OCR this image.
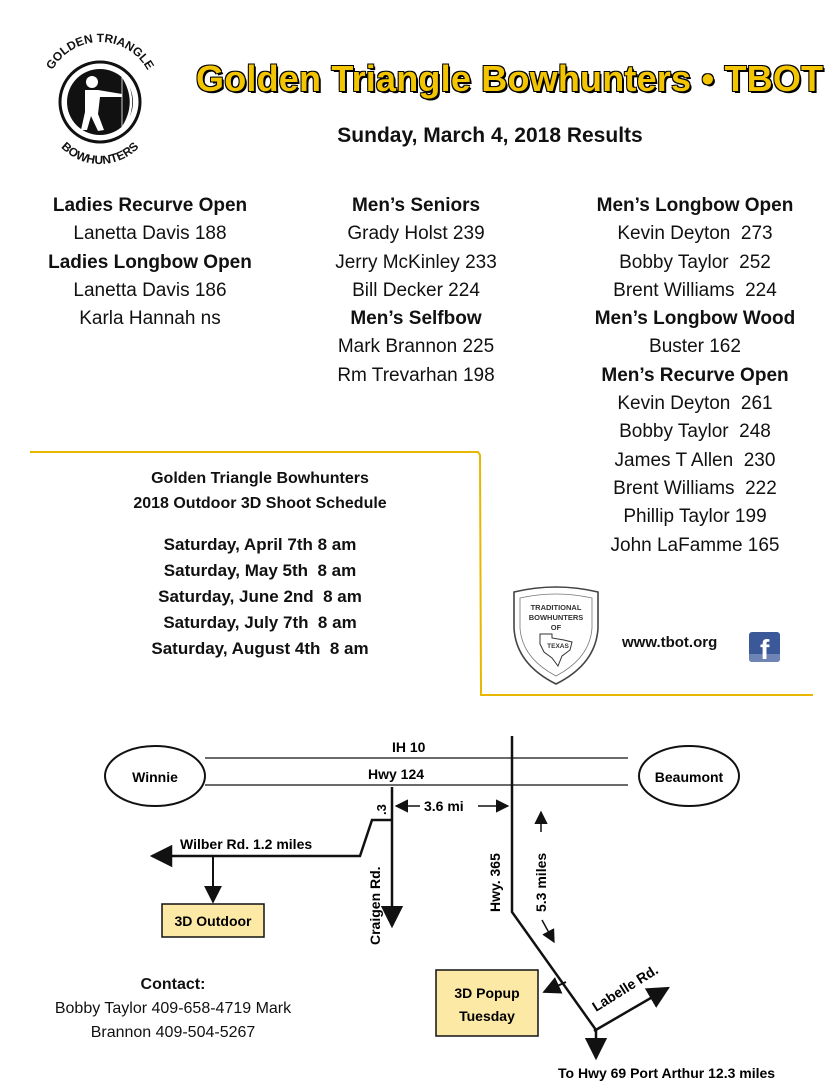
GOLDEN TRIANGLE
BOWHUNTERS
Golden Triangle Bowhunters • TBOT
Sunday, March 4, 2018 Results
Ladies Recurve Open
Lanetta Davis 188
Ladies Longbow Open
Lanetta Davis 186
Karla Hannah ns
Men’s Seniors
Grady Holst 239
Jerry McKinley 233
Bill Decker 224
Men’s Selfbow
Mark Brannon 225
Rm Trevarhan 198
Men’s Longbow Open
Kevin Deyton  273
Bobby Taylor  252
Brent Williams  224
Men’s Longbow Wood
Buster 162
Men’s Recurve Open
Kevin Deyton  261
Bobby Taylor  248
James T Allen  230
Brent Williams  222
Phillip Taylor 199
John LaFamme 165
Golden Triangle Bowhunters
2018 Outdoor 3D Shoot Schedule
Saturday, April 7th 8 am
Saturday, May 5th  8 am
Saturday, June 2nd  8 am
Saturday, July 7th  8 am
Saturday, August 4th  8 am
TRADITIONAL
BOWHUNTERS
OF
TEXAS	www.tbot.org f
IH 10
Hwy 124
Winnie	Beaumont
Craigen Rd.
.3
Wilber Rd. 1.2 miles
3.6 mi
Hwy. 365 5.3 miles
Labelle Rd.
3D Outdoor
3D Popup
Tuesday
To Hwy 69 Port Arthur 12.3 miles
Contact:
Bobby Taylor 409-658-4719 Mark
Brannon 409-504-5267
